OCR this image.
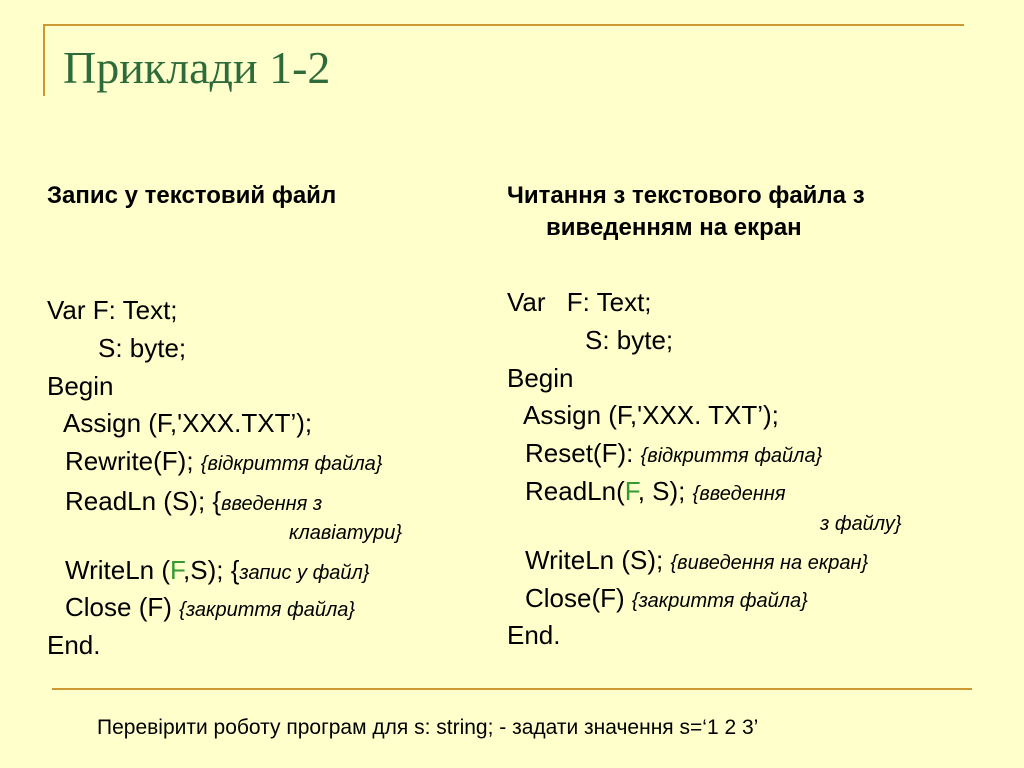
Приклади 1-2
Запис у текстовий файл
Var F: Text;
S: byte;
Begin
Assign (F,'XXX.TXT’);
Rewrite(F); {відкриття файла}
ReadLn (S); {введення з
клавіатури}
WriteLn (F,S); {запис у файл}
Close (F) {закриття файла}
End.
Читання з текстового файла з
виведенням на екран
Var F: Text;
S: byte;
Begin
Assign (F,'XXX. TXT’);
Reset(F): {відкриття файла}
ReadLn(F, S); {введення
з файлу}
WriteLn (S); {виведення на екран}
Close(F) {закриття файла}
End.
Перевірити роботу програм для s: string; - задати значення s=‘1 2 3’
